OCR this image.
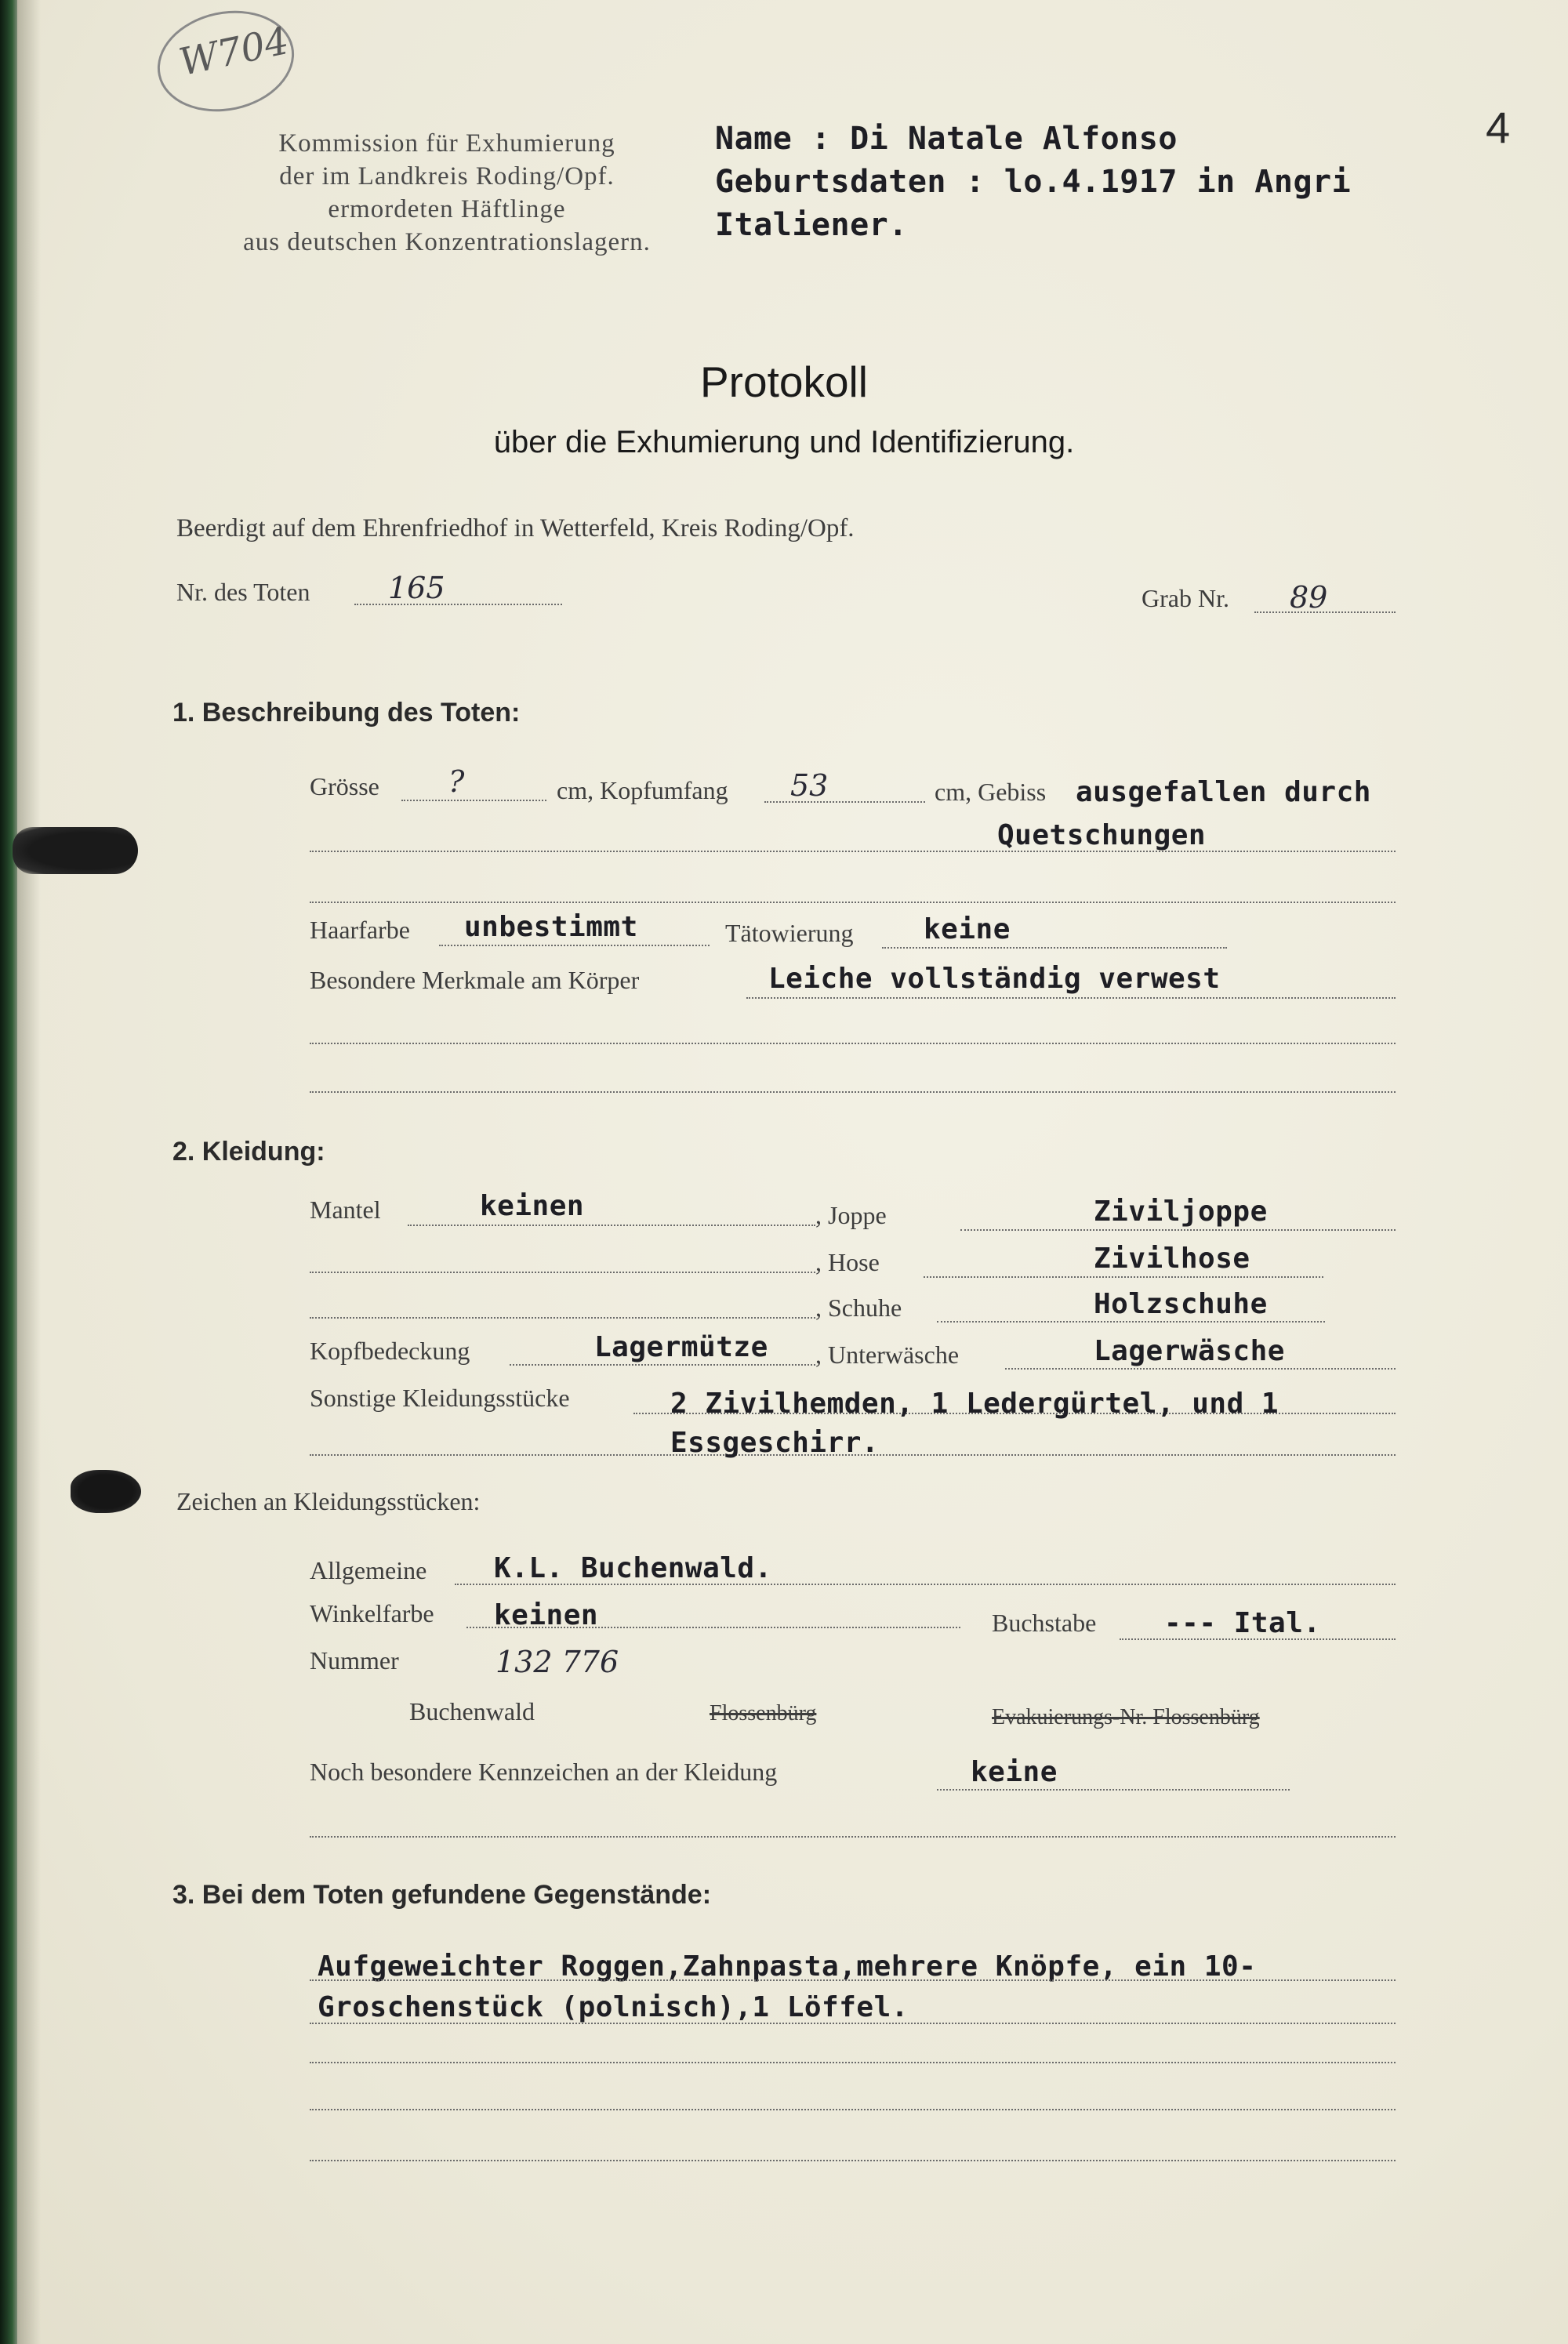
W704
Kommission für Exhumierung
der im Landkreis Roding/Opf.
ermordeten Häftlinge
aus deutschen Konzentrationslagern.
Name : Di Natale Alfonso
Geburtsdaten : lo.4.1917 in Angri
Italiener.
4
Protokoll
über die Exhumierung und Identifizierung.
Beerdigt auf dem Ehrenfriedhof in Wetterfeld, Kreis Roding/Opf.
Nr. des Toten	165	Grab Nr. 89
1. Beschreibung des Toten:
Grösse ?	cm, Kopfumfang 53	cm, Gebiss ausgefallen durch
Quetschungen
Haarfarbe unbestimmt	Tätowierung keine
Besondere Merkmale am Körper	Leiche vollständig verwest
2. Kleidung:
Mantel	keinen	, Joppe	Ziviljoppe
, Hose	Zivilhose
, Schuhe	Holzschuhe
Kopfbedeckung	Lagermütze , Unterwäsche	Lagerwäsche
Sonstige Kleidungsstücke	2 Zivilhemden, 1 Ledergürtel, und 1
Essgeschirr.
Zeichen an Kleidungsstücken:
Allgemeine K.L. Buchenwald.
Winkelfarbe keinen	Buchstabe --- Ital.
Nummer	132 776
Buchenwald	Flossenbürg	Evakuierungs-Nr. Flossenbürg
Noch besondere Kennzeichen an der Kleidung	keine
3. Bei dem Toten gefundene Gegenstände:
Aufgeweichter Roggen,Zahnpasta,mehrere Knöpfe, ein 10-
Groschenstück (polnisch),1 Löffel.
